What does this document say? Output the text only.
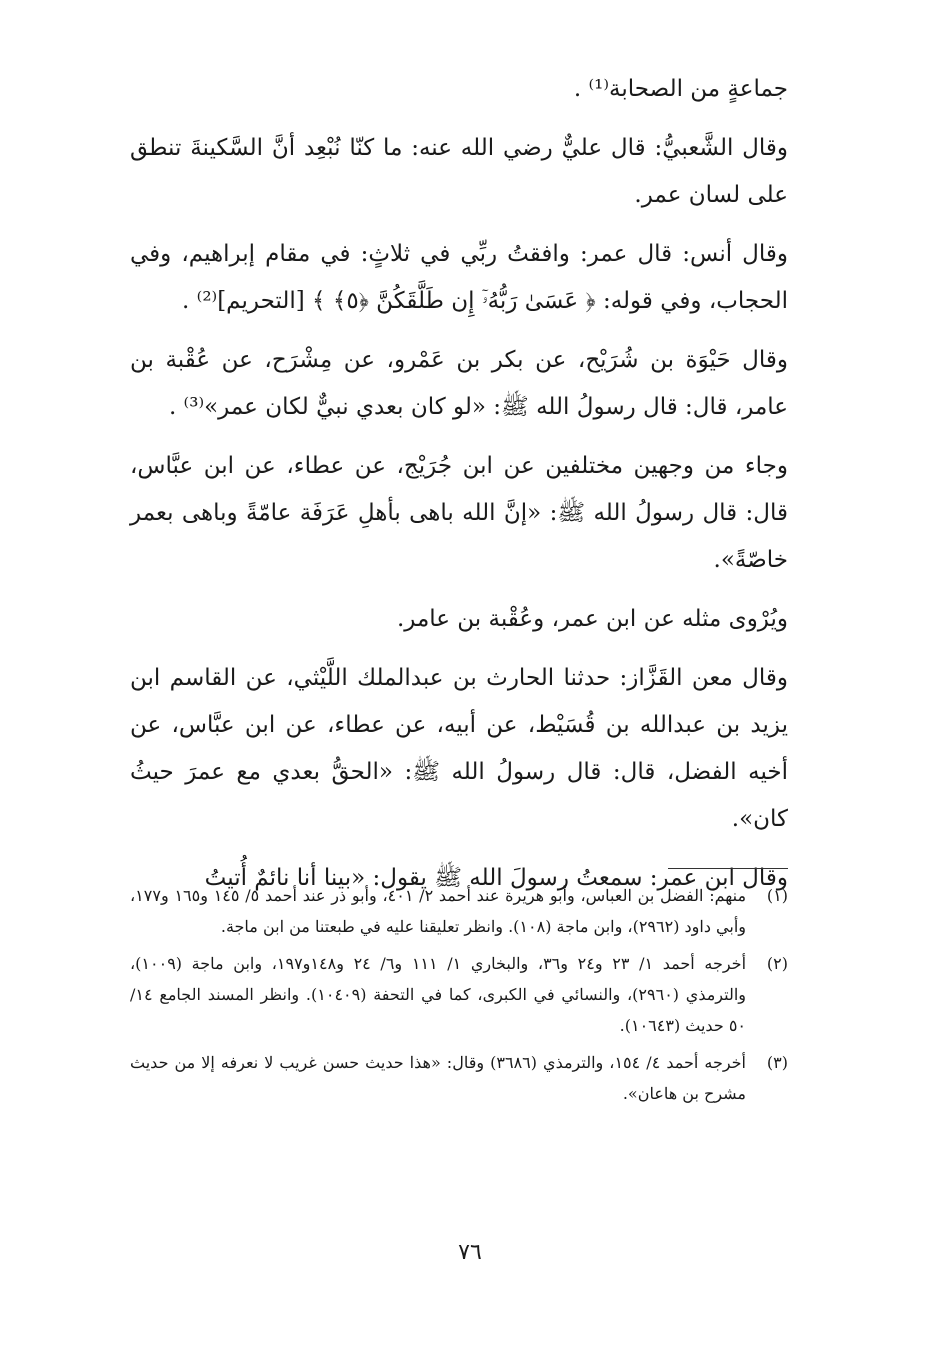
جماعةٍ من الصحابة⁽¹⁾ .

وقال الشَّعبيُّ: قال عليٌّ رضي الله عنه: ما كنّا نُبْعِد أنَّ السَّكينةَ تنطق على لسان عمر.

وقال أنس: قال عمر: وافقتُ ربِّي في ثلاثٍ: في مقام إبراهيم، وفي الحجاب، وفي قوله: ﴿ عَسَىٰ رَبُّهُۥٓ إِن طَلَّقَكُنَّ ﴿٥﴾ ﴾ [التحريم]⁽²⁾ .

وقال حَيْوَة بن شُرَيْح، عن بكر بن عَمْرو، عن مِشْرَح، عن عُقْبة بن عامر، قال: قال رسولُ الله ﷺ: «لو كان بعدي نبيٌّ لكان عمر»⁽³⁾ .

وجاء من وجهين مختلفين عن ابن جُرَيْج، عن عطاء، عن ابن عبَّاس، قال: قال رسولُ الله ﷺ: «إنَّ الله باهى بأهلِ عَرَفَة عامّةً وباهى بعمر خاصّةً».

ويُرْوى مثله عن ابن عمر، وعُقْبة بن عامر.

وقال معن القَزَّاز: حدثنا الحارث بن عبدالملك اللَّيْثي، عن القاسم ابن يزيد بن عبدالله بن قُسَيْط، عن أبيه، عن عطاء، عن ابن عبَّاس، عن أخيه الفضل، قال: قال رسولُ الله ﷺ: «الحقُّ بعدي مع عمرَ حيثُ كان».

وقال ابن عمر: سمعتُ رسولَ الله ﷺ يقول: «بينا أنا نائمٌ أُتيتُ

(١)
منهم: الفضل بن العباس، وأبو هريرة عند أحمد ٢/ ٤٠١، وأبو ذر عند أحمد ٥/ ١٤٥ و١٦٥ و١٧٧، وأبي داود (٢٩٦٢)، وابن ماجة (١٠٨). وانظر تعليقنا عليه في طبعتنا من ابن ماجة.
(٢)
أخرجه أحمد ١/ ٢٣ و٢٤ و٣٦، والبخاري ١/ ١١١ و٦/ ٢٤ و١٤٨و١٩٧، وابن ماجة (١٠٠٩)، والترمذي (٢٩٦٠)، والنسائي في الكبرى، كما في التحفة (١٠٤٠٩). وانظر المسند الجامع ١٤/ ٥٠ حديث (١٠٦٤٣).
(٣)
أخرجه أحمد ٤/ ١٥٤، والترمذي (٣٦٨٦) وقال: «هذا حديث حسن غريب لا نعرفه إلا من حديث مشرح بن هاعان».
٧٦
